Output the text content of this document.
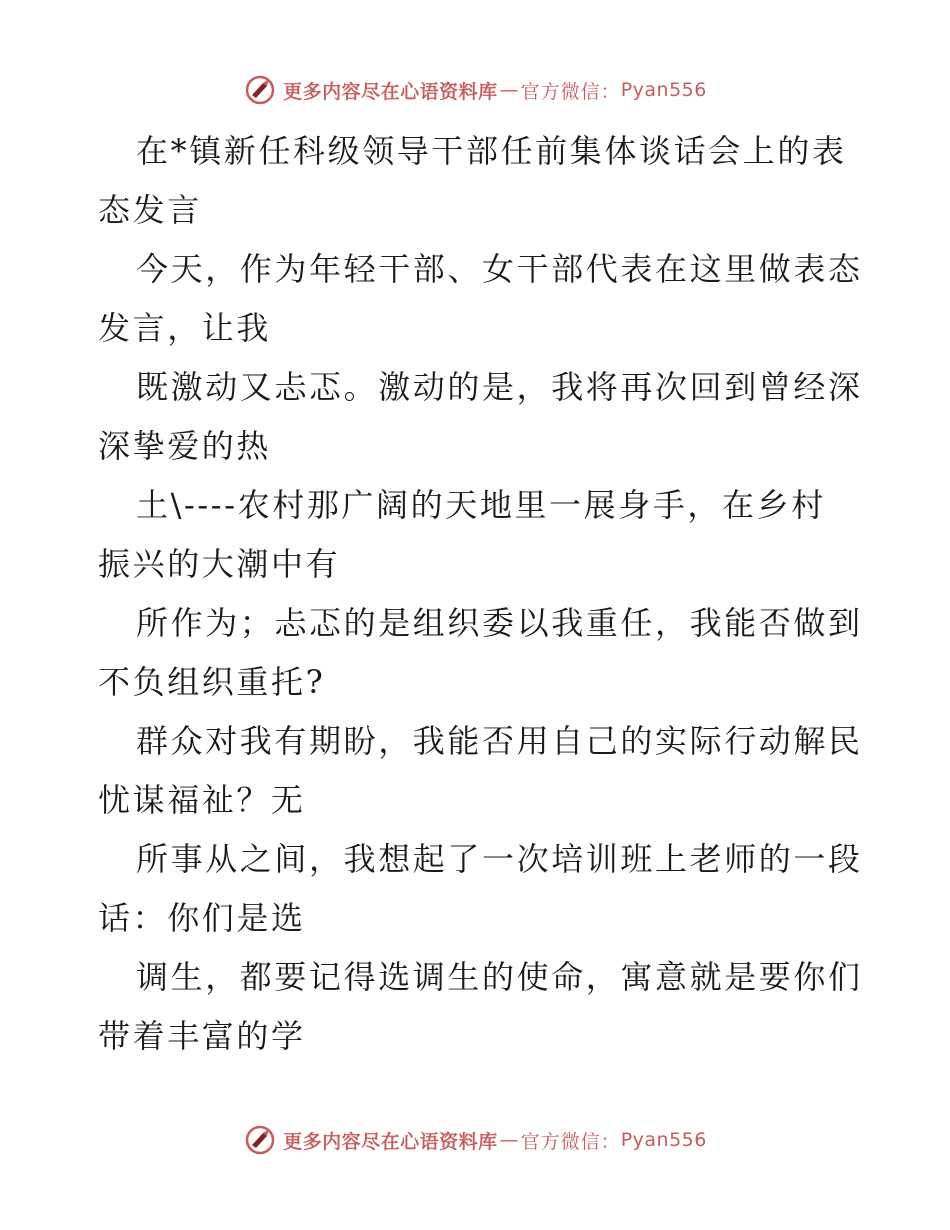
更多内容尽在心语资料库 — 官方微信： Pyan556
在*镇新任科级领导干部任前集体谈话会上的表
态发言
今天，作为年轻干部、女干部代表在这里做表态
发言，让我
既激动又忐忑。激动的是，我将再次回到曾经深
深挚爱的热
土\----农村那广阔的天地里一展身手，在乡村
振兴的大潮中有
所作为；忐忑的是组织委以我重任，我能否做到
不负组织重托?
群众对我有期盼，我能否用自己的实际行动解民
忧谋福祉？无
所事从之间，我想起了一次培训班上老师的一段
话：你们是选
调生，都要记得选调生的使命，寓意就是要你们
带着丰富的学
更多内容尽在心语资料库 — 官方微信： Pyan556
